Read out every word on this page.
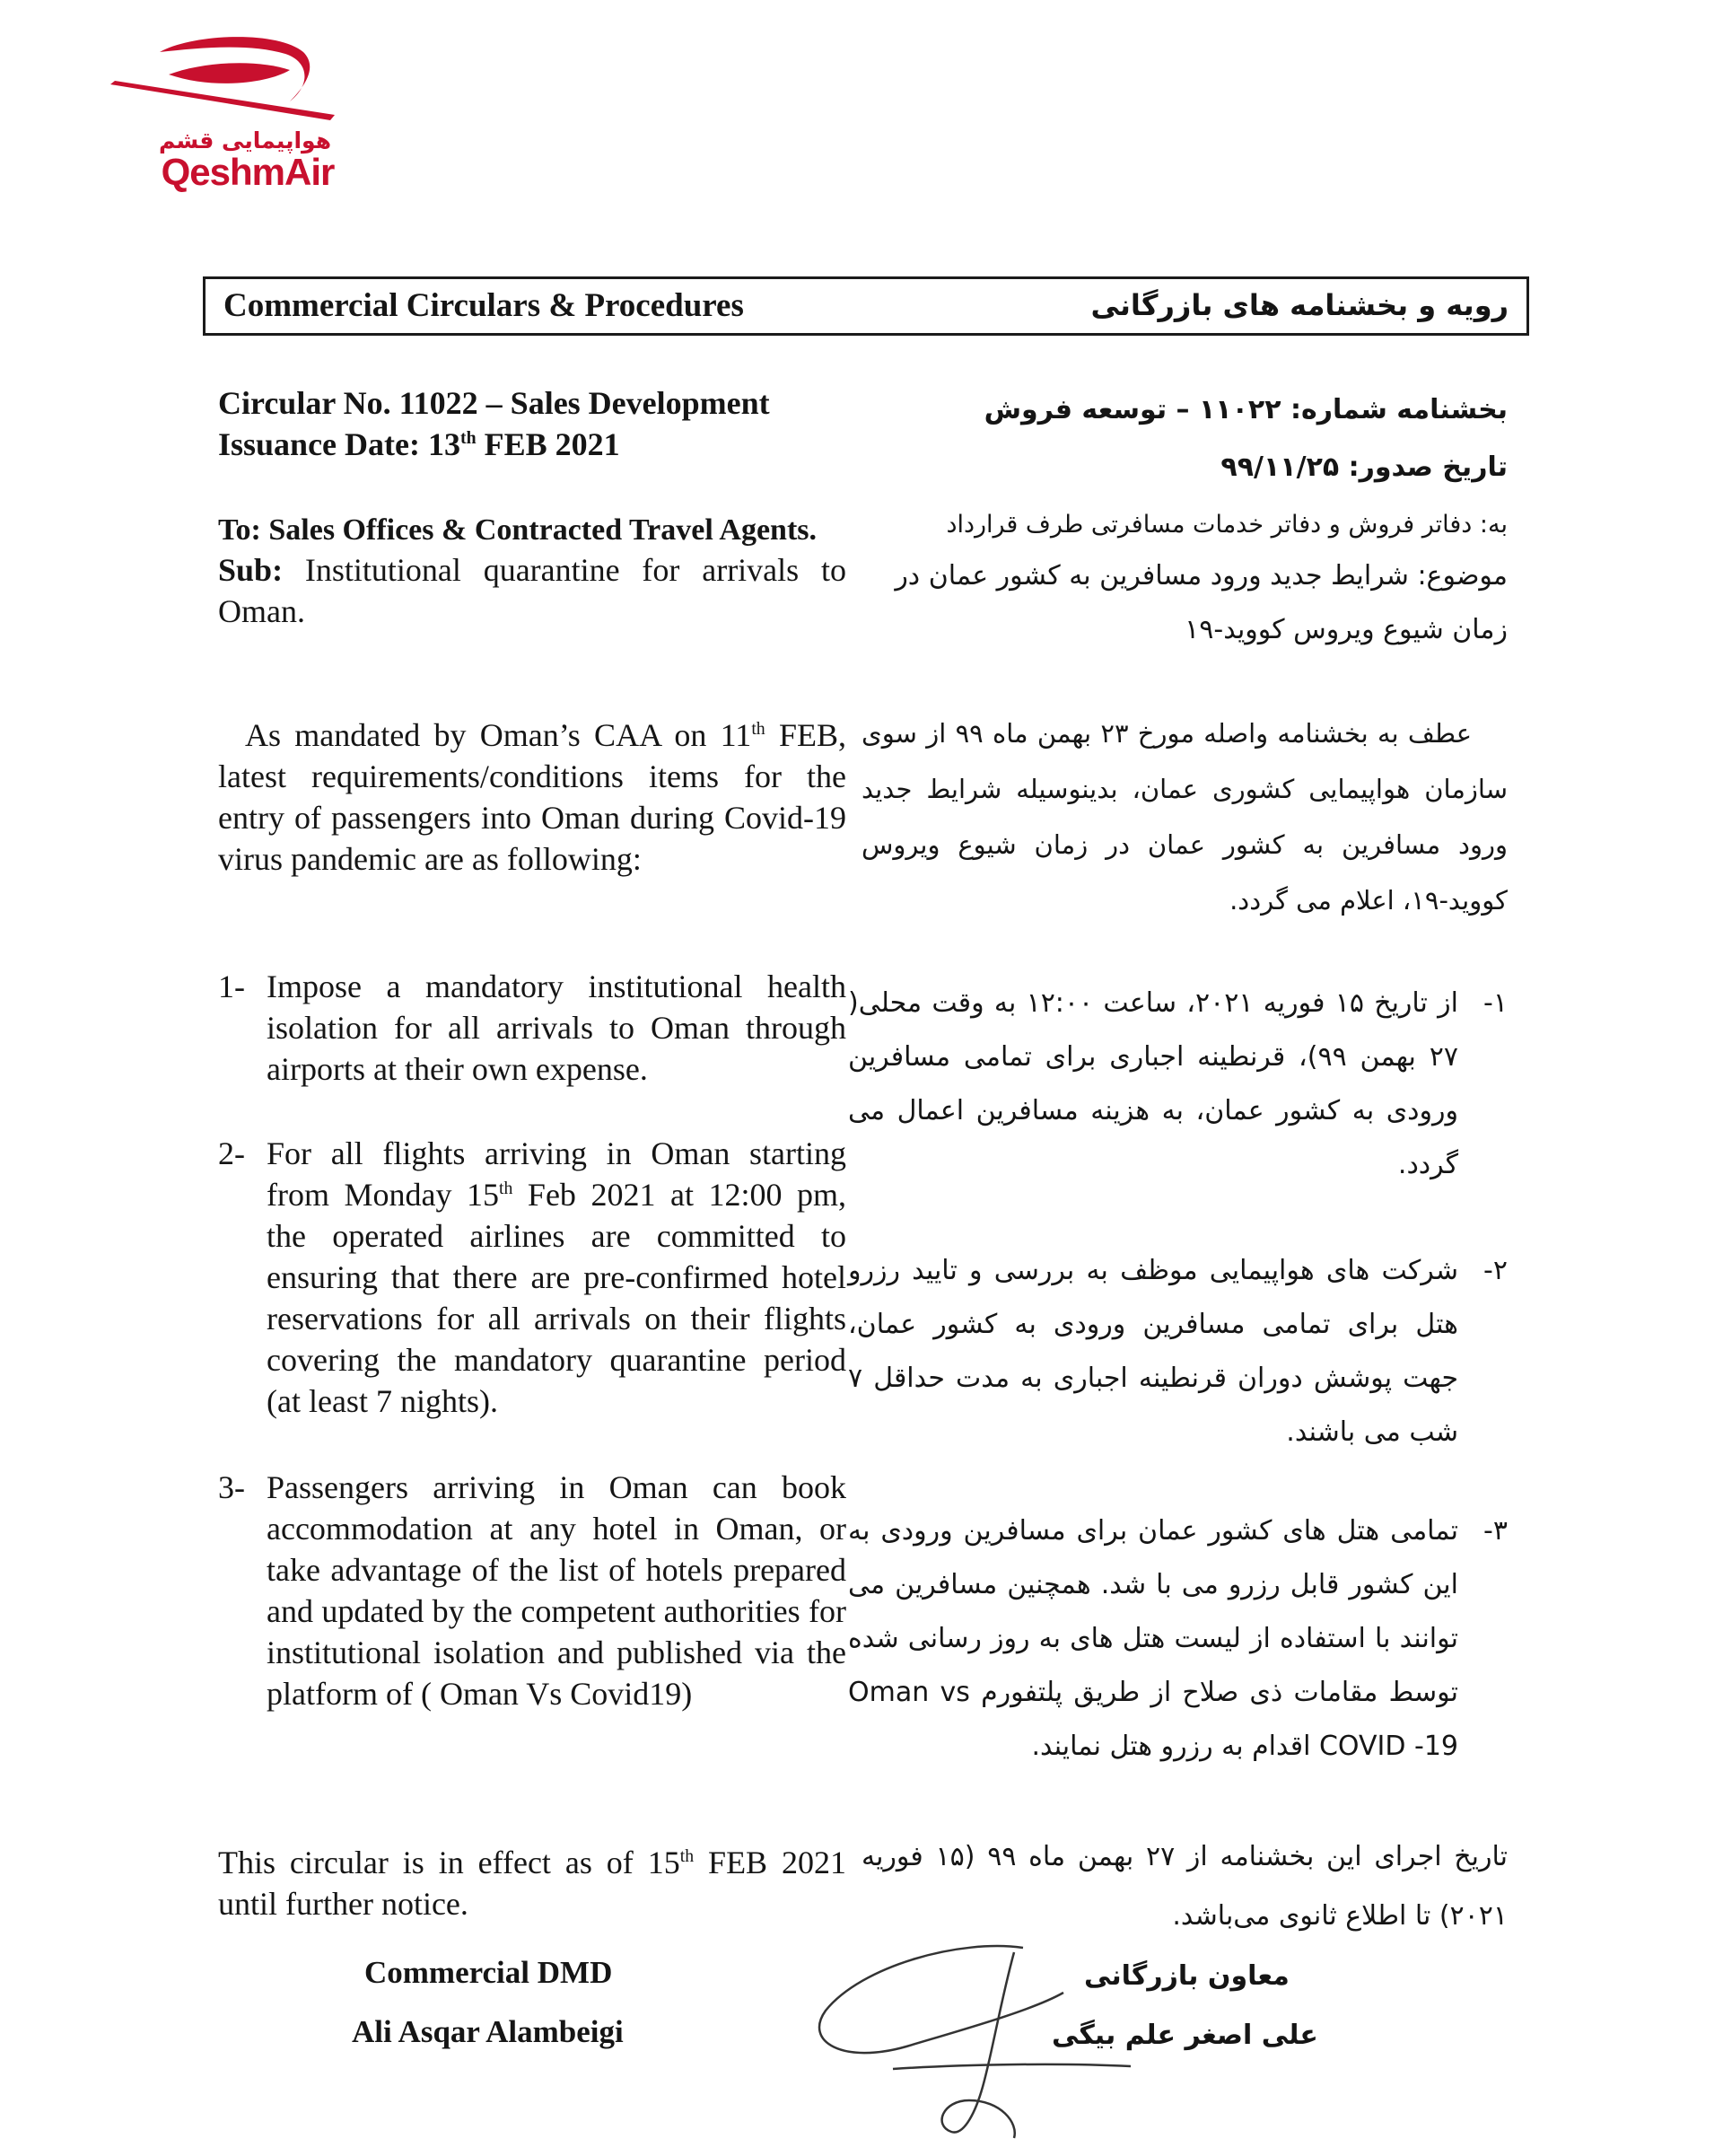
هواپیمایی قشم
QeshmAir
Commercial Circulars & Procedures	رویه و بخشنامه های بازرگانی
Circular No. 11022 – Sales Development
Issuance Date: 13th FEB 2021
To: Sales Offices & Contracted Travel Agents.
Sub: Institutional quarantine for arrivals to Oman.
بخشنامه شماره: ۱۱۰۲۲ – توسعه فروش
تاریخ صدور: ۹۹/۱۱/۲۵
به: دفاتر فروش و دفاتر خدمات مسافرتی طرف قرارداد
موضوع: شرایط جدید ورود مسافرین به کشور عمان در زمان شیوع ویروس کووید-۱۹
As mandated by Oman’s CAA on 11th FEB, latest requirements/conditions items for the entry of passengers into Oman during Covid-19 virus pandemic are as following:
عطف به بخشنامه واصله مورخ ۲۳ بهمن ماه ۹۹ از سوی سازمان هواپیمایی کشوری عمان، بدینوسیله شرایط جدید ورود مسافرین به کشور عمان در زمان شیوع ویروس کووید-۱۹، اعلام می گردد.
1- Impose a mandatory institutional health isolation for all arrivals to Oman through airports at their own expense.
۱-
از تاریخ ۱۵ فوریه ۲۰۲۱، ساعت ۱۲:۰۰ به وقت محلی( ۲۷ بهمن ۹۹)، قرنطینه اجباری برای تمامی مسافرین ورودی به کشور عمان، به هزینه مسافرین اعمال می گردد.
2- For all flights arriving in Oman starting from Monday 15th Feb 2021 at 12:00 pm, the operated airlines are committed to ensuring that there are pre-confirmed hotel reservations for all arrivals on their flights covering the mandatory quarantine period (at least 7 nights).
۲-
شرکت های هواپیمایی موظف به بررسی و تایید رزرو هتل برای تمامی مسافرین ورودی به کشور عمان، جهت پوشش دوران قرنطینه اجباری به مدت حداقل ۷ شب می باشند.
3- Passengers arriving in Oman can book accommodation at any hotel in Oman, or take advantage of the list of hotels prepared and updated by the competent authorities for institutional isolation and published via the platform of ( Oman Vs Covid19)
۳-
تمامی هتل های کشور عمان برای مسافرین ورودی به این کشور قابل رزرو می با شد. همچنین مسافرین می توانند با استفاده از لیست هتل های به روز رسانی شده توسط مقامات ذی صلاح از طریق پلتفورم Oman vs COVID -19 اقدام به رزرو هتل نمایند.
This circular is in effect as of 15th FEB 2021 until further notice.
تاریخ اجرای این بخشنامه از ۲۷ بهمن ماه ۹۹ (۱۵ فوریه ۲۰۲۱) تا اطلاع ثانوی می‌باشد.
Commercial DMD
Ali Asqar Alambeigi
معاون بازرگانی
علی اصغر علم بیگی
